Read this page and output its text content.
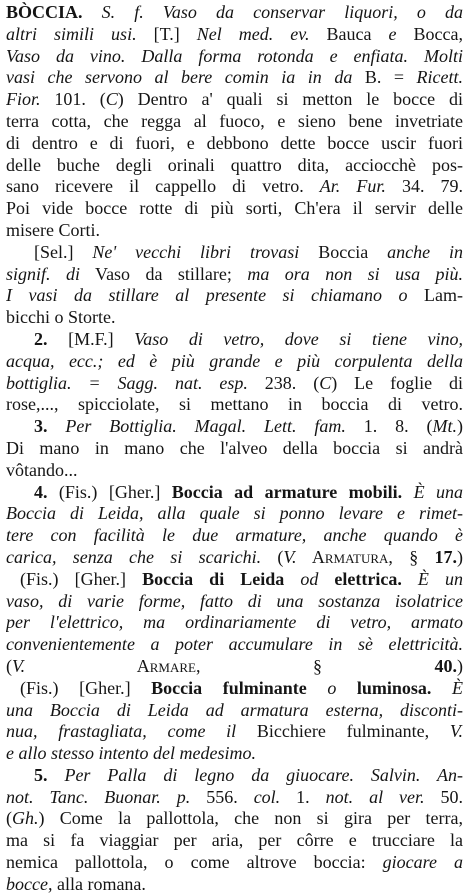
BÒCCIA. S. f. Vaso da conservar liquori, o da
altri simili usi. [T.] Nel med. ev. Bauca e Bocca,
Vaso da vino. Dalla forma rotonda e enfiata. Molti
vasi che servono al bere comin ia in da B. = Ricett.
Fior. 101. (C) Dentro a' quali si metton le bocce di
terra cotta, che regga al fuoco, e sieno bene invetriate
di dentro e di fuori, e debbono dette bocce uscir fuori
delle buche degli orinali quattro dita, acciocchè pos-
sano ricevere il cappello di vetro. Ar. Fur. 34. 79.
Poi vide bocce rotte di più sorti, Ch'era il servir delle
misere Corti.
[Sel.] Ne' vecchi libri trovasi Boccia anche in
signif. di Vaso da stillare; ma ora non si usa più.
I vasi da stillare al presente si chiamano o Lam-
bicchi o Storte.
2. [M.F.] Vaso di vetro, dove si tiene vino,
acqua, ecc.; ed è più grande e più corpulenta della
bottiglia. = Sagg. nat. esp. 238. (C) Le foglie di
rose,..., spicciolate, si mettano in boccia di vetro.
3. Per Bottiglia. Magal. Lett. fam. 1. 8. (Mt.)
Di mano in mano che l'alveo della boccia si andrà
vôtando...
4. (Fis.) [Gher.] Boccia ad armature mobili. È una
Boccia di Leida, alla quale si ponno levare e rimet-
tere con facilità le due armature, anche quando è
carica, senza che si scarichi. (V. Armatura, § 17.)
(Fis.) [Gher.] Boccia di Leida od elettrica. È un
vaso, di varie forme, fatto di una sostanza isolatrice
per l'elettrico, ma ordinariamente di vetro, armato
convenientemente a poter accumulare in sè elettricità.
(V. Armare, § 40.)
(Fis.) [Gher.] Boccia fulminante o luminosa. È
una Boccia di Leida ad armatura esterna, disconti-
nua, frastagliata, come il Bicchiere fulminante, V.
e allo stesso intento del medesimo.
5. Per Palla di legno da giuocare. Salvin. An-
not. Tanc. Buonar. p. 556. col. 1. not. al ver. 50.
(Gh.) Come la pallottola, che non si gira per terra,
ma si fa viaggiar per aria, per côrre e trucciare la
nemica pallottola, o come altrove boccia: giocare a
bocce, alla romana.
